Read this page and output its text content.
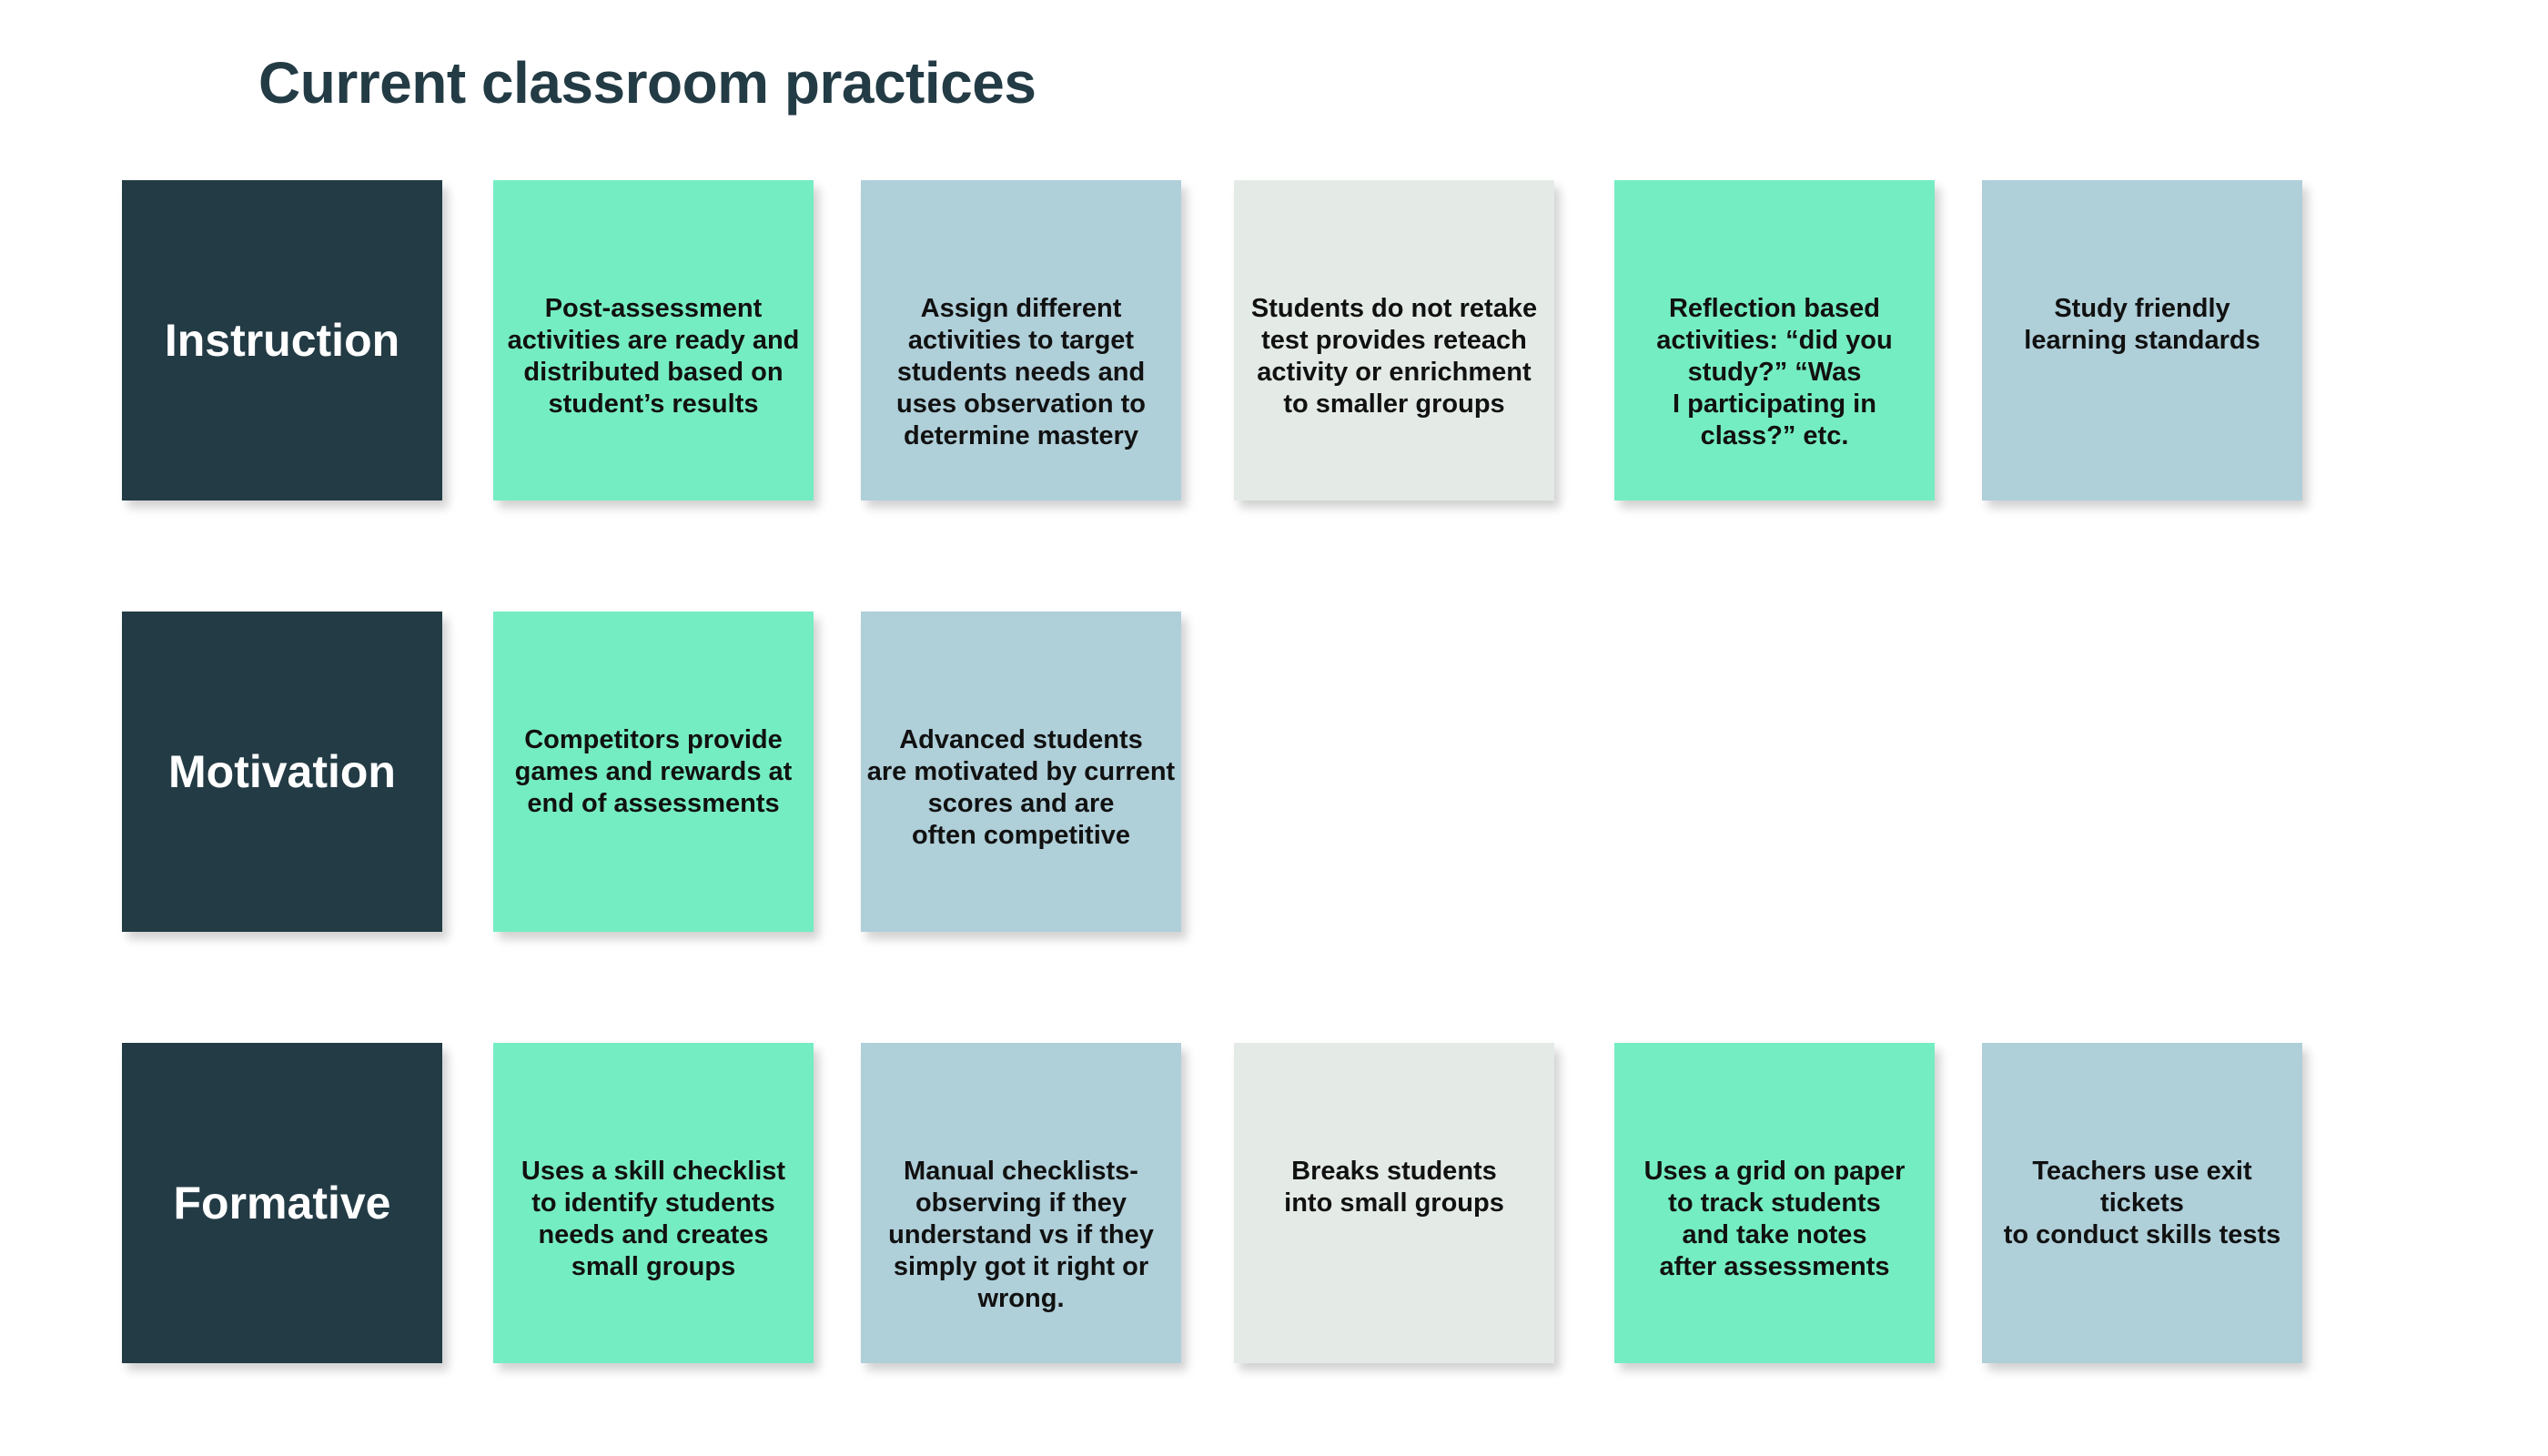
Current classroom practices
Instruction
Post-assessment
activities are ready and
distributed based on
student’s results
Assign different
activities to target
students needs and
uses observation to
determine mastery
Students do not retake
test provides reteach
activity or enrichment
to smaller groups
Reflection based
activities: “did you
study?” “Was
I participating in
class?” etc.
Study friendly
learning standards
Motivation
Competitors provide
games and rewards at
end of assessments
Advanced students
are motivated by current
scores and are
often competitive
Formative
Uses a skill checklist
to identify students
needs and creates
small groups
Manual checklists-
observing if they
understand vs if they
simply got it right or
wrong.
Breaks students
into small groups
Uses a grid on paper
to track students
and take notes
after assessments
Teachers use exit tickets
to conduct skills tests
